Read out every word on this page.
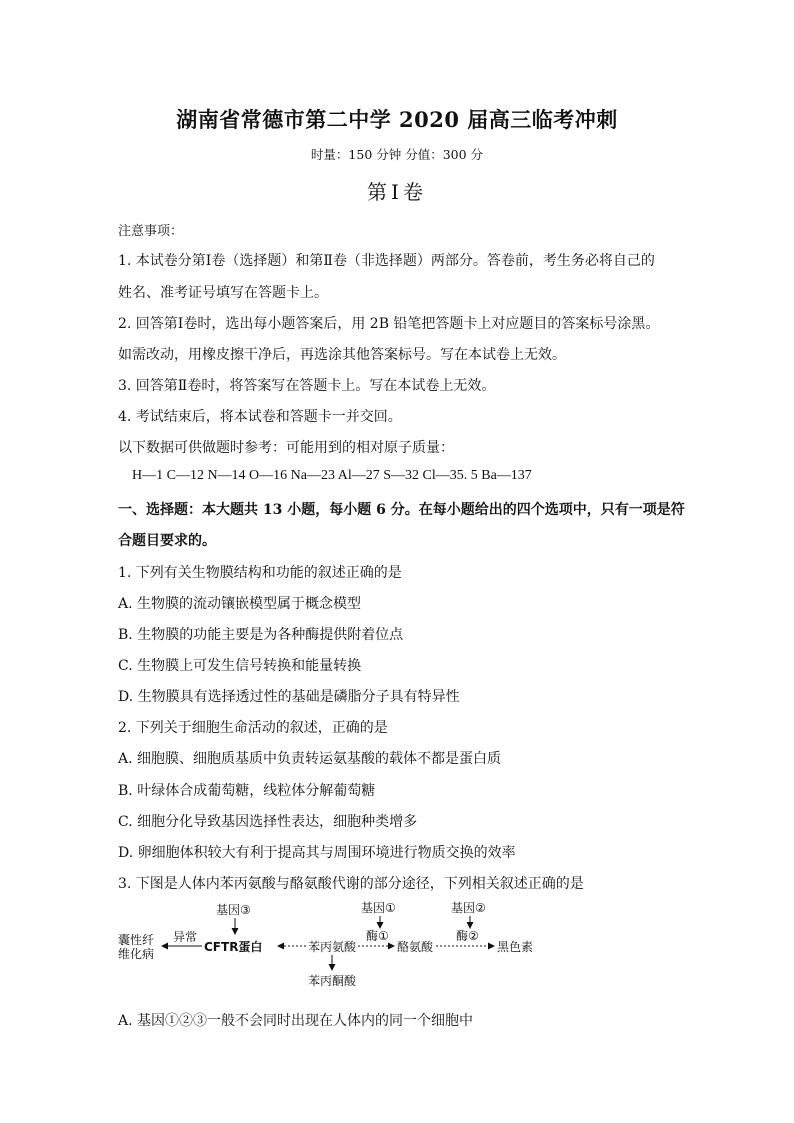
湖南省常德市第二中学 2020 届高三临考冲刺
时量：150 分钟 分值：300 分
第Ⅰ卷
注意事项：
1. 本试卷分第Ⅰ卷（选择题）和第Ⅱ卷（非选择题）两部分。答卷前，考生务必将自己的
姓名、准考证号填写在答题卡上。
2. 回答第Ⅰ卷时，选出每小题答案后，用 2B 铅笔把答题卡上对应题目的答案标号涂黑。
如需改动，用橡皮擦干净后，再选涂其他答案标号。写在本试卷上无效。
3. 回答第Ⅱ卷时，将答案写在答题卡上。写在本试卷上无效。
4. 考试结束后，将本试卷和答题卡一并交回。
以下数据可供做题时参考：可能用到的相对原子质量：
H—1 C—12 N—14 O—16 Na—23 Al—27 S—32 Cl—35. 5 Ba—137
一、选择题：本大题共 13 小题，每小题 6 分。在每小题给出的四个选项中，只有一项是符
合题目要求的。
1. 下列有关生物膜结构和功能的叙述正确的是
A. 生物膜的流动镶嵌模型属于概念模型
B. 生物膜的功能主要是为各种酶提供附着位点
C. 生物膜上可发生信号转换和能量转换
D. 生物膜具有选择透过性的基础是磷脂分子具有特异性
2. 下列关于细胞生命活动的叙述，正确的是
A. 细胞膜、细胞质基质中负责转运氨基酸的载体不都是蛋白质
B. 叶绿体合成葡萄糖，线粒体分解葡萄糖
C. 细胞分化导致基因选择性表达，细胞种类增多
D. 卵细胞体积较大有利于提高其与周围环境进行物质交换的效率
3. 下图是人体内苯丙氨酸与酪氨酸代谢的部分途径，下列相关叙述正确的是
基因③	基因①
酶①
基因②
酶②
囊性纤
维化病
异常
CFTR蛋白	苯丙氨酸	酪氨酸	黑色素
苯丙酮酸
A. 基因①②③一般不会同时出现在人体内的同一个细胞中
